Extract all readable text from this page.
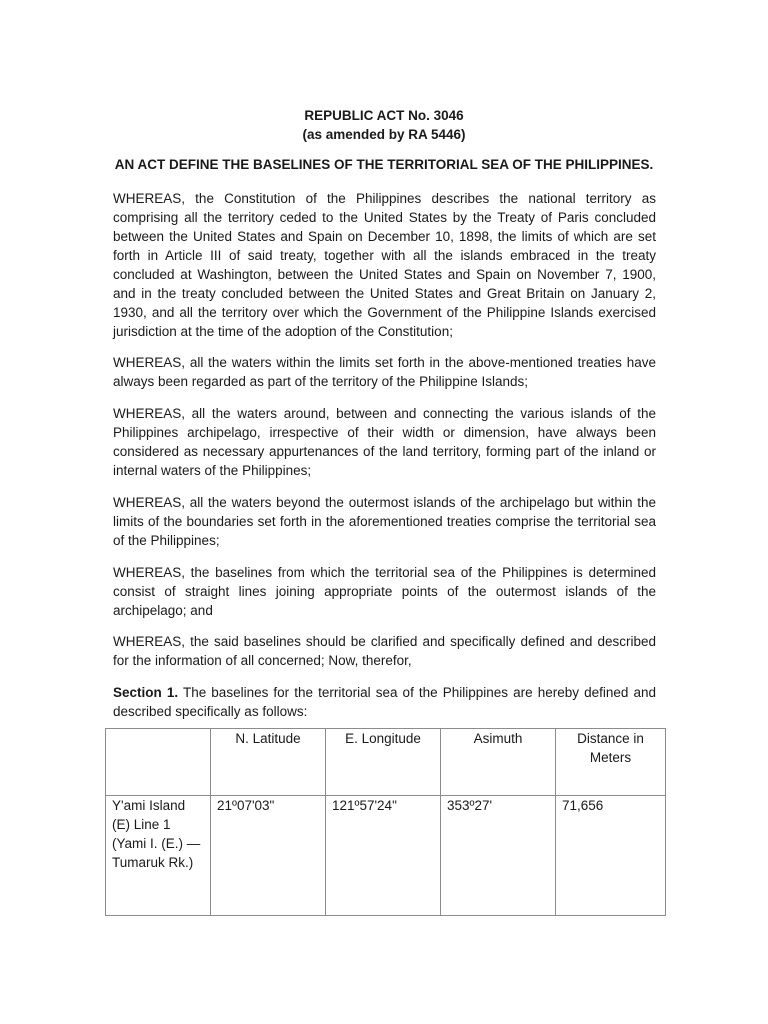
REPUBLIC ACT No. 3046
(as amended by RA 5446)
AN ACT DEFINE THE BASELINES OF THE TERRITORIAL SEA OF THE PHILIPPINES.
WHEREAS, the Constitution of the Philippines describes the national territory as comprising all the territory ceded to the United States by the Treaty of Paris concluded between the United States and Spain on December 10, 1898, the limits of which are set forth in Article III of said treaty, together with all the islands embraced in the treaty concluded at Washington, between the United States and Spain on November 7, 1900, and in the treaty concluded between the United States and Great Britain on January 2, 1930, and all the territory over which the Government of the Philippine Islands exercised jurisdiction at the time of the adoption of the Constitution;
WHEREAS, all the waters within the limits set forth in the above-mentioned treaties have always been regarded as part of the territory of the Philippine Islands;
WHEREAS, all the waters around, between and connecting the various islands of the Philippines archipelago, irrespective of their width or dimension, have always been considered as necessary appurtenances of the land territory, forming part of the inland or internal waters of the Philippines;
WHEREAS, all the waters beyond the outermost islands of the archipelago but within the limits of the boundaries set forth in the aforementioned treaties comprise the territorial sea of the Philippines;
WHEREAS, the baselines from which the territorial sea of the Philippines is determined consist of straight lines joining appropriate points of the outermost islands of the archipelago; and
WHEREAS, the said baselines should be clarified and specifically defined and described for the information of all concerned; Now, therefor,
Section 1. The baselines for the territorial sea of the Philippines are hereby defined and described specifically as follows:
	N. Latitude	E. Longitude	Asimuth	Distance in Meters
Y'ami Island (E) Line 1 (Yami I. (E.) — Tumaruk Rk.)	21º07'03"	121º57'24"	353º27'	71,656
